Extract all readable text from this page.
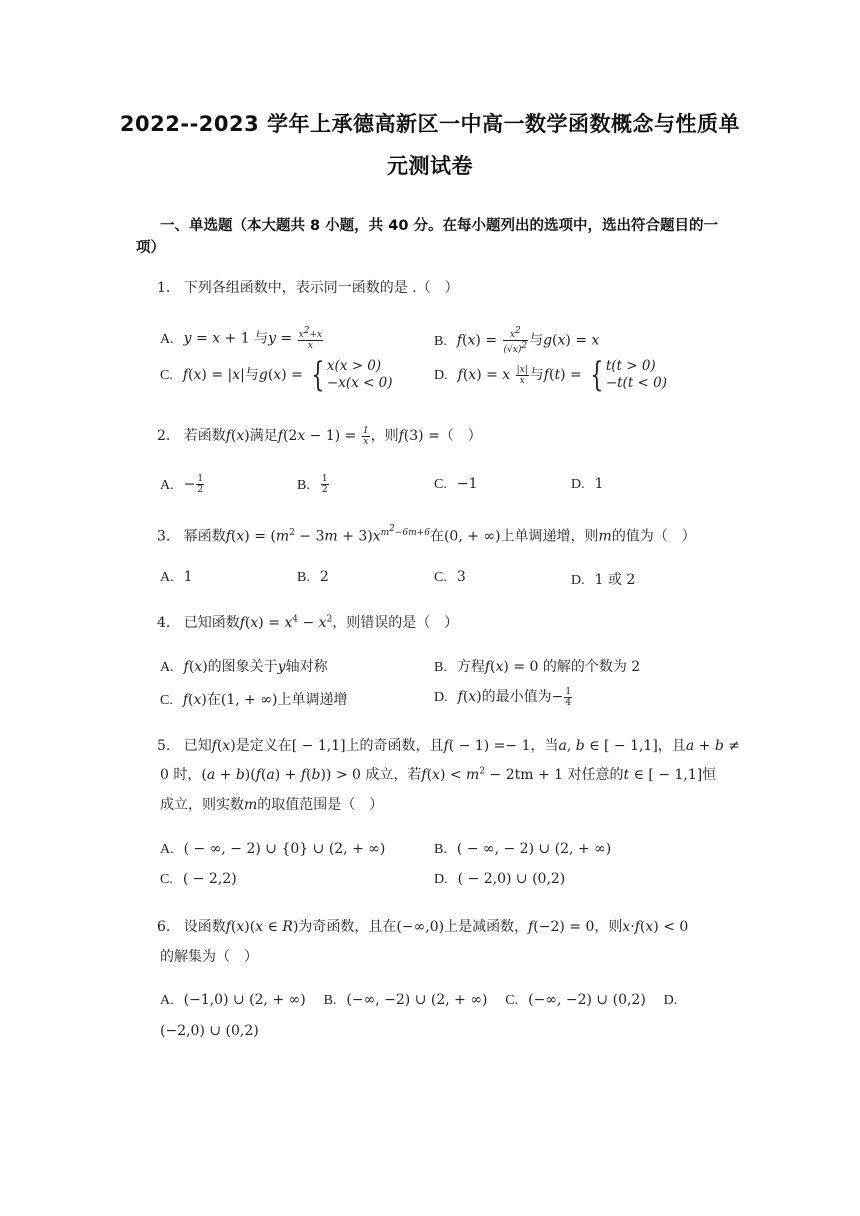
2022--2023 学年上承德高新区一中高一数学函数概念与性质单
元测试卷
一、单选题（本大题共 8 小题，共 40 分。在每小题列出的选项中，选出符合题目的一
项）
1. 下列各组函数中，表示同一函数的是 .（　）
A. y = x + 1 与$y = \frac{x^2+x}{x}$	B. $f(x) = \frac{x^2}{(√x)^2}$ 与g(x) = x
C. f(x) = |x|与g(x) = { x(x > 0)
−x(x < 0)	D. f(x) = x $\frac{|x|}{x}$ 与f(t) = { t(t > 0)
−t(t < 0)
2.   若函数f(x)满足$f(2x - 1) = \frac{1}{x}$ ，则f(3) =（　）
A. − $\frac{1}{2}$	B. $\frac{1}{2}$	C. −1	D. 1
3.   幂函数$f(x) = (m^2 - 3m + 3)x^{m^2-6m+6}$在(0, + ∞)上单调递增，则m的值为（　）
A. 1	B. 2	C. 3	D. 1 或 2
4.   已知函数$f(x) = x^4 - x^2$，则错误的是（　）
A. f(x)的图象关于y轴对称	B. 方程f(x) = 0 的解的个数为 2
C. f(x)在(1, + ∞)上单调递增	D. f(x)的最小值为− $\frac{1}{4}$
5.   已知f(x)是定义在[ − 1,1]上的奇函数，且f( − 1) =− 1，当a, b ∈ [ − 1,1]，且a + b ≠
0 时，(a + b)(f(a) + f(b)) > 0 成立，若$f(x) < m^2 - 2tm + 1$ 对任意的t ∈ [ − 1,1]恒
成立，则实数m的取值范围是（　）
A. ( − ∞, − 2) ∪ {0} ∪ (2, + ∞)	B. ( − ∞, − 2) ∪ (2, + ∞)
C. ( − 2,2)	D. ( − 2,0) ∪ (0,2)
6.   设函数f(x)(x ∈ R)为奇函数，且在(−∞,0)上是减函数，f(−2) = 0，则x·f(x) < 0
的解集为（　）
A. (−1,0) ∪ (2, + ∞) B. (−∞, −2) ∪ (2, + ∞) C. (−∞, −2) ∪ (0,2) D.
(−2,0) ∪ (0,2)
